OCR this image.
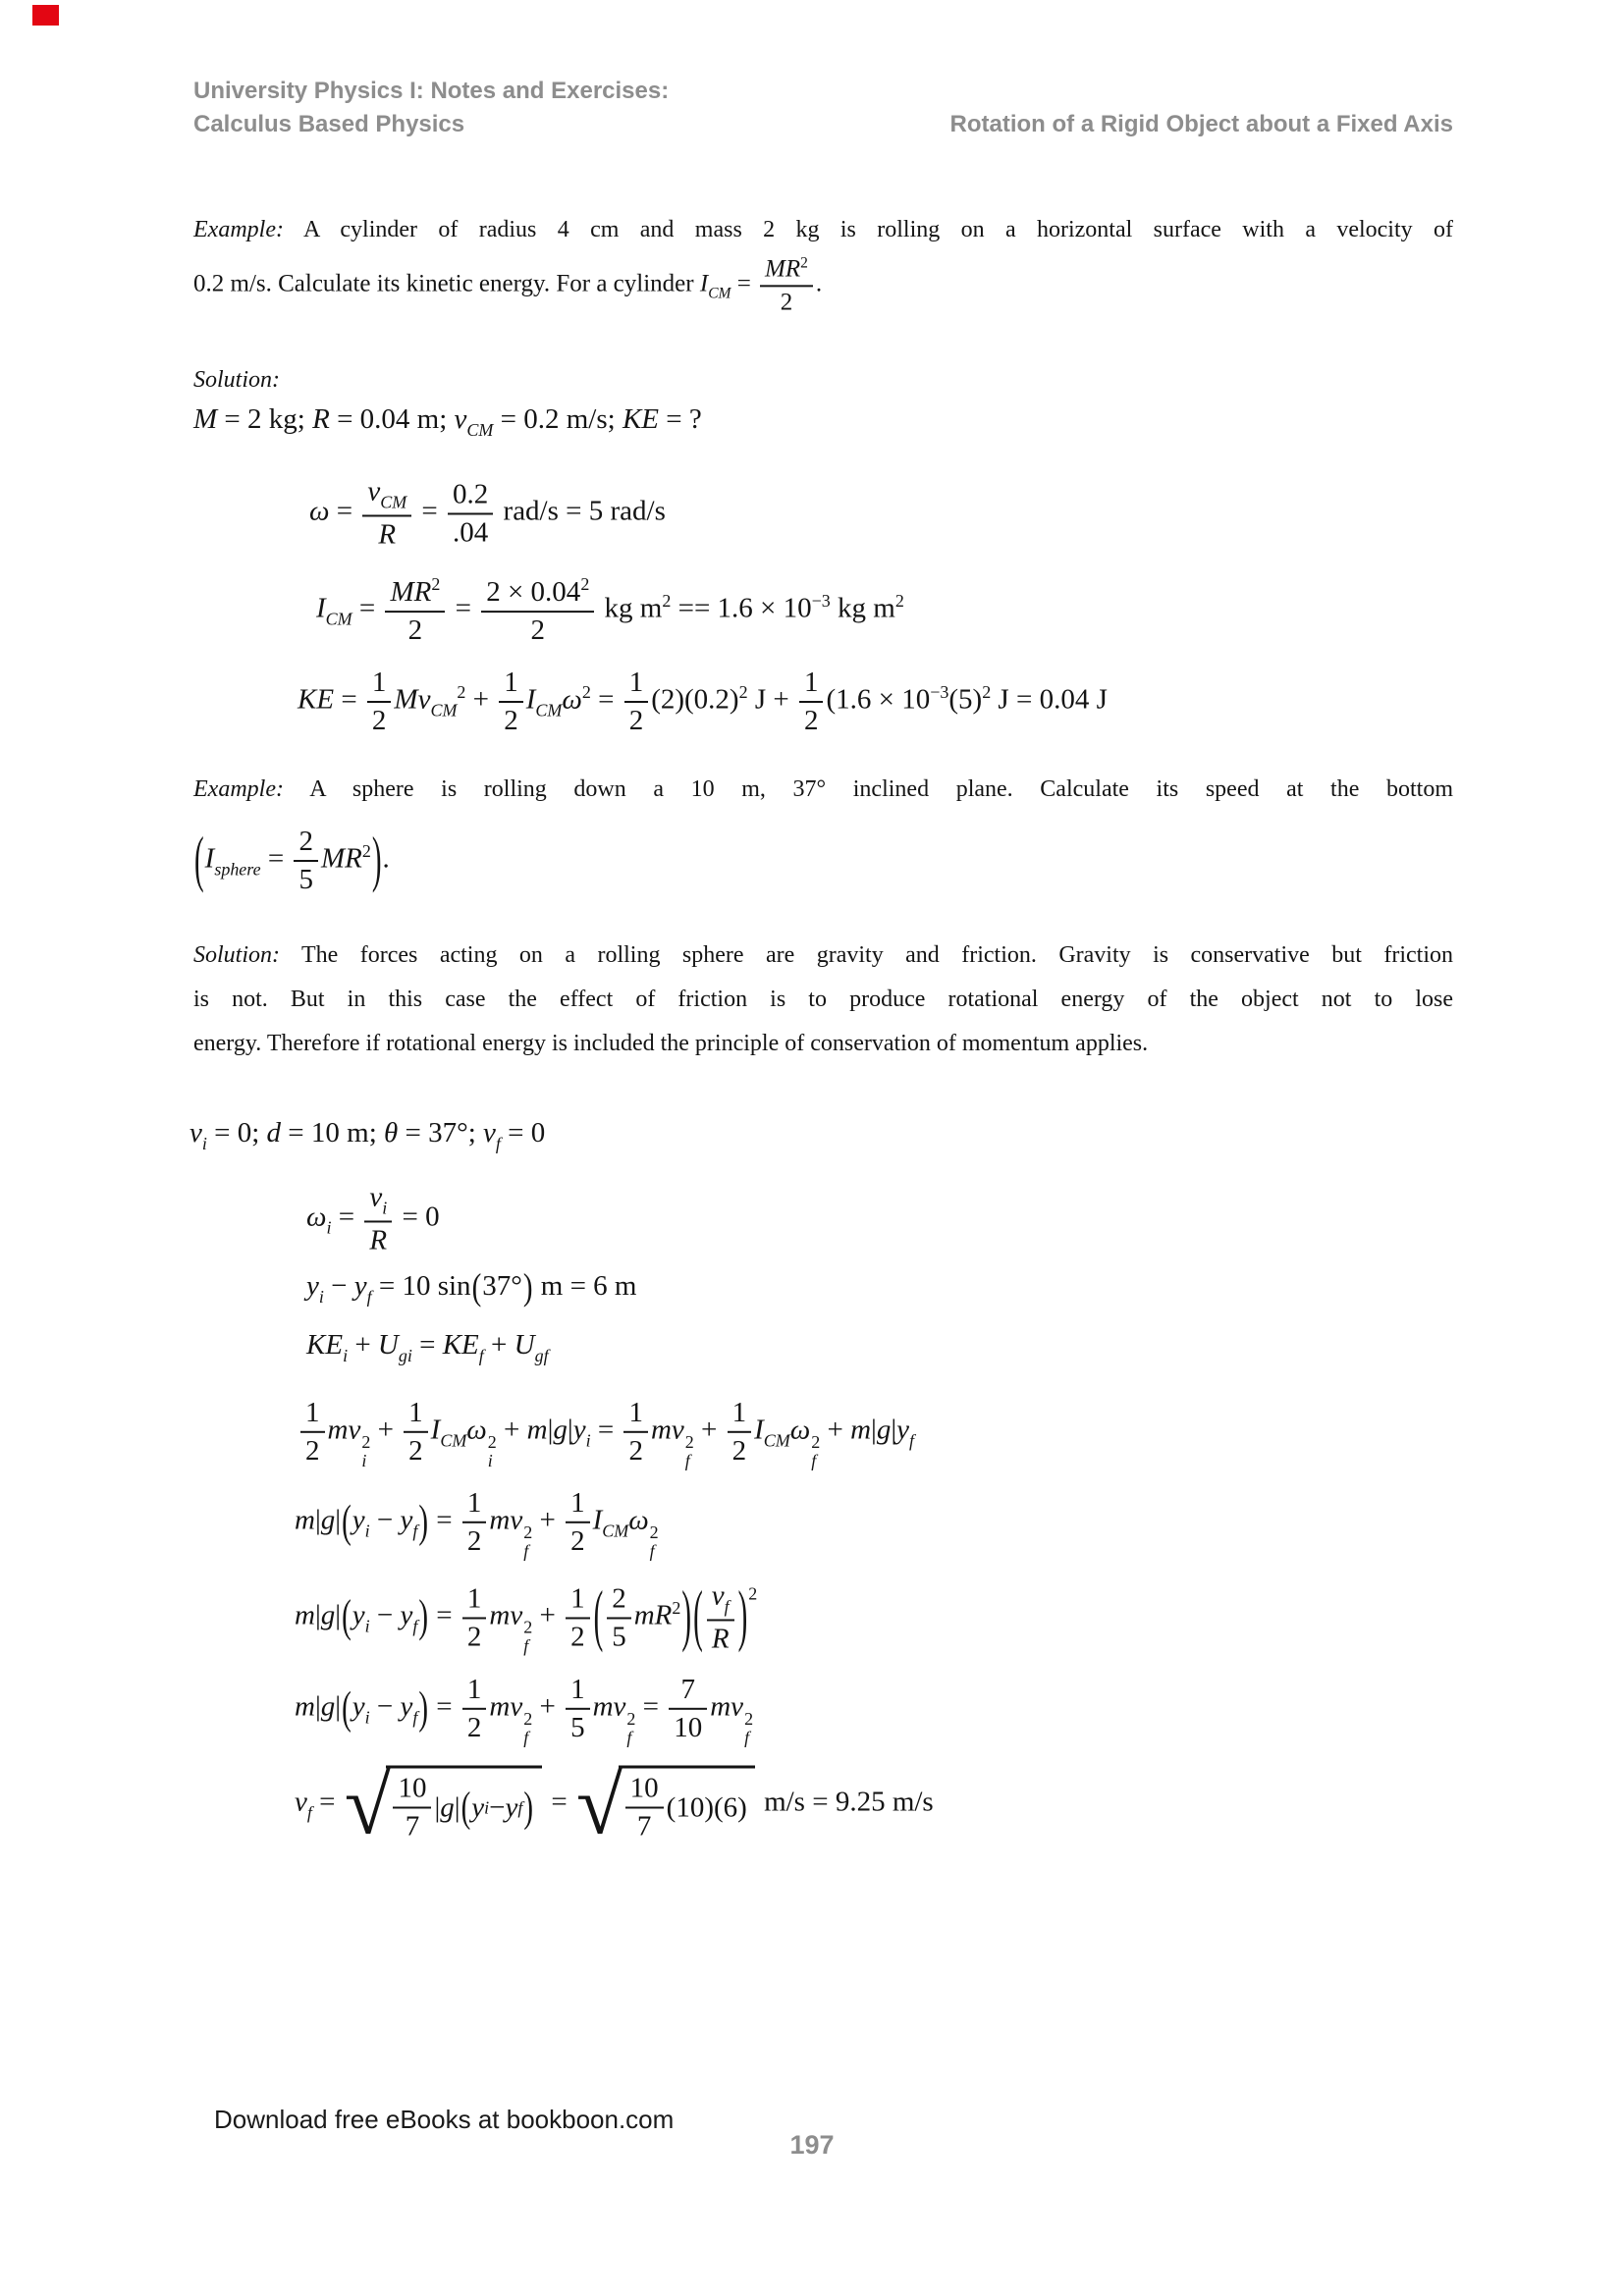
University Physics I: Notes and Exercises:
Calculus Based Physics	Rotation of a Rigid Object about a Fixed Axis
Example: A cylinder of radius 4 cm and mass 2 kg is rolling on a horizontal surface with a velocity of
0.2 m/s. Calculate its kinetic energy. For a cylinder $I_{CM} = \frac{MR^2}{2}$ .
Solution:
M = 2 kg; R = 0.04 m; $v_{CM} = 0.2$ m/s; KE = ?
ω =
$v_{CM}$
R
= $\frac{0.2}{.04} rad/s = 5$ rad/s
$I_{CM} = \frac{MR^2}{2} = \frac{2 \times 0.04^2}{2}$ kg $m^2 == 1.6 \times 10^{-3}$ kg $m^2$
KE = $\frac{1}{2} Mv_{CM}^2 + \frac{1}{2} I_{CM}\omega^2 = \frac{1}{2} (2)(0.2)^2$ $J + \frac{1}{2} (1.6 \times 10^{-3}(5)^2$ J = 0.04 J
Example: A sphere is rolling down a 10 m, 37° inclined plane. Calculate its speed at the bottom
$(I_{sphere} = \frac{2}{5} MR^2)$.
Solution: The forces acting on a rolling sphere are gravity and friction. Gravity is conservative but friction
is not. But in this case the effect of friction is to produce rotational energy of the object not to lose
energy. Therefore if rotational energy is included the principle of conservation of momentum applies.
$v_i = 0$; d = 10 m; θ = 37°; $v_f = 0$
$\omega_i = \frac{v_i}{R} = 0$
$y_i - y_f = 10$ sin(37°) m = 6 m
$KE_i + U_{gi} = KE_f + U_{gf}$
$\frac{1}{2}$ mv 2
i
+ $\frac{1}{2} I_{CM}\omega$ 2
i
+ $m|g|y_i = \frac{1}{2}$ mv 2
f
+ $\frac{1}{2} I_{CM}\omega$ 2
f
+ $m|g|y_f$
$m|g|(y_i - y_f) = \frac{1}{2}$ mv 2
f
+ $\frac{1}{2} I_{CM}\omega$ 2
f
$m|g|(y_i - y_f) = \frac{1}{2}$ mv 2
f
+ $\frac{1}{2}$ ( $\frac{2}{5} mR^2)( \frac{v_f}{R} )^2$
$m|g|(y_i - y_f) = \frac{1}{2}$ mv 2
f
+ $\frac{1}{5}$ mv 2
f
= $\frac{7}{10}$ mv 2
f
$v_f$ = √ 10
7
| g | ( y i − y f ) = √ 10
7
(10)(6) m/s = 9.25 m/s
Download free eBooks at bookboon.com
197
